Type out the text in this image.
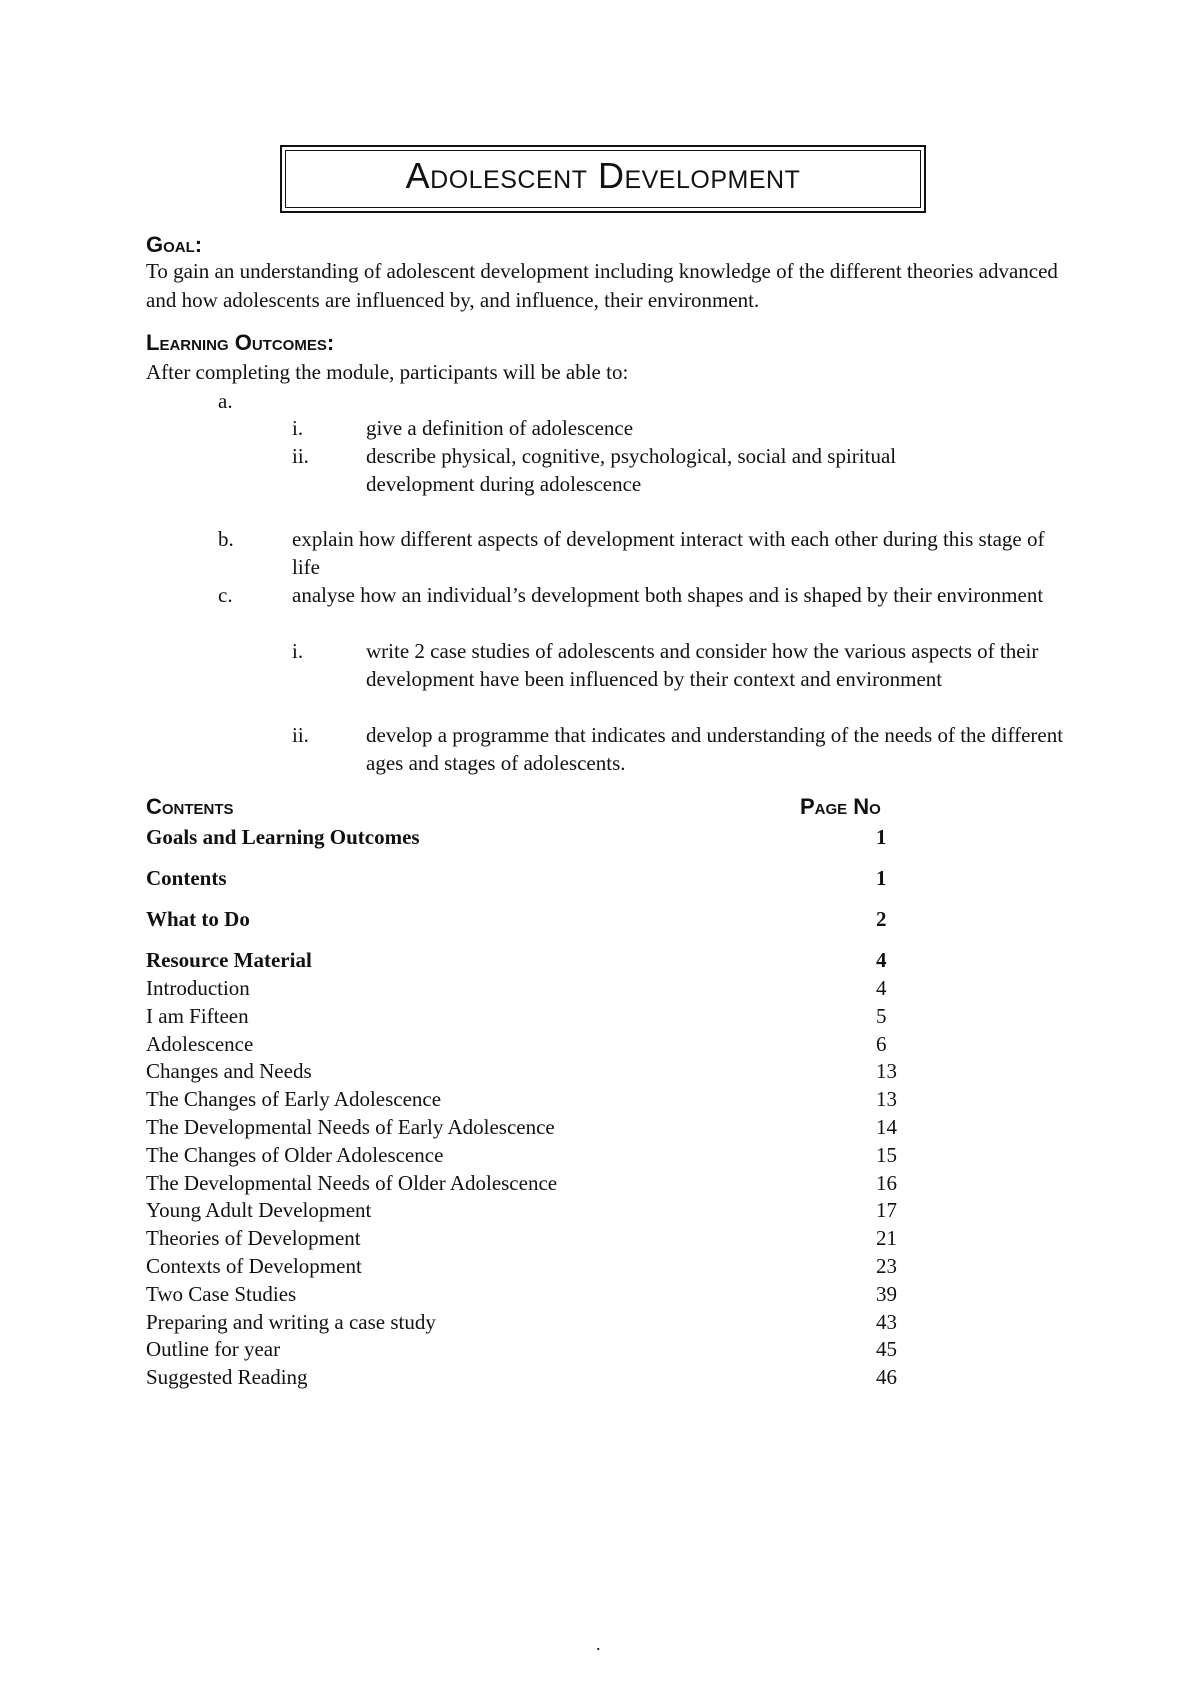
Adolescent Development
Goal:
To gain an understanding of adolescent development including knowledge of the different theories advanced and how adolescents are influenced by, and influence, their environment.
Learning Outcomes:
After completing the module, participants will be able to:
a.
i.	give a definition of adolescence
ii.	describe physical, cognitive, psychological, social and spiritual development during adolescence
b.	explain how different aspects of development interact with each other during this stage of life
c.	analyse how an individual’s development both shapes and is shaped by their environment
i.	write 2 case studies of adolescents and consider how the various aspects of their development have been influenced by their context and environment
ii.	develop a programme that indicates and understanding of the needs of the different ages and stages of adolescents.
Contents	Page No
Goals and Learning Outcomes	1
Contents	1
What to Do	2
Resource Material	4
Introduction	4
I am Fifteen	5
Adolescence	6
Changes and Needs	13
The Changes of Early Adolescence	13
The Developmental Needs of Early Adolescence	14
The Changes of Older Adolescence	15
The Developmental Needs of Older Adolescence	16
Young Adult Development	17
Theories of Development	21
Contexts of Development	23
Two Case Studies	39
Preparing and writing a case study	43
Outline for year	45
Suggested Reading	46
.
